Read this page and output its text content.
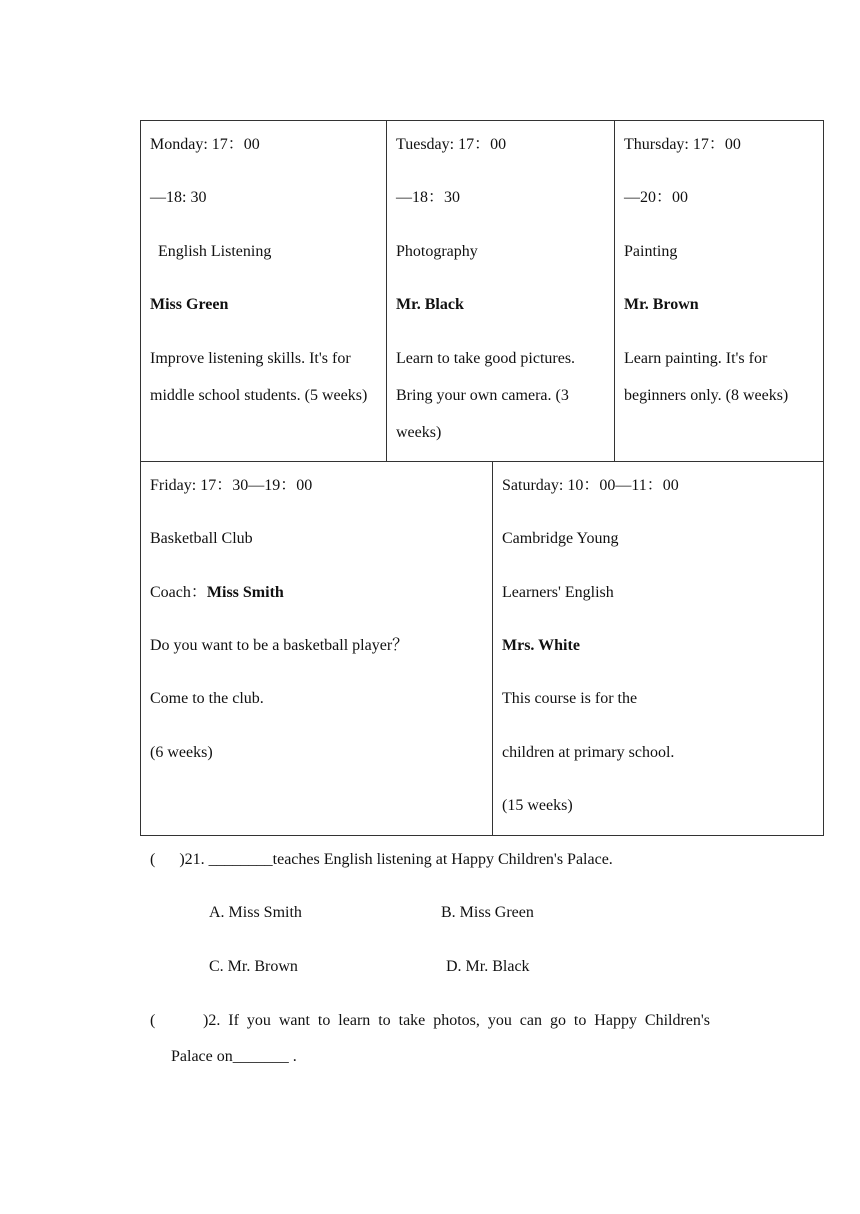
Monday: 17：00

—18: 30

English Listening

Miss Green

Improve listening skills. It's for middle school students. (5 weeks)

Tuesday: 17：00

—18：30

Photography

Mr. Black

Learn to take good pictures. Bring your own camera. (3 weeks)

Thursday: 17：00

—20：00

Painting

Mr. Brown

Learn painting. It's for beginners only. (8 weeks)

Friday: 17：30—19：00

Basketball Club

Coach：Miss Smith

Do you want to be a basketball player？

Come to the club.

(6 weeks)

Saturday: 10：00—11：00

Cambridge Young

Learners' English

Mrs. White

This course is for the

children at primary school.

(15 weeks)

(      )21. ________teaches English listening at Happy Children's Palace.

A. Miss Smith	B. Miss Green

C. Mr. Brown	D. Mr. Black

(      )2. If you want to learn to take photos, you can go to Happy Children's

Palace on_______ .
